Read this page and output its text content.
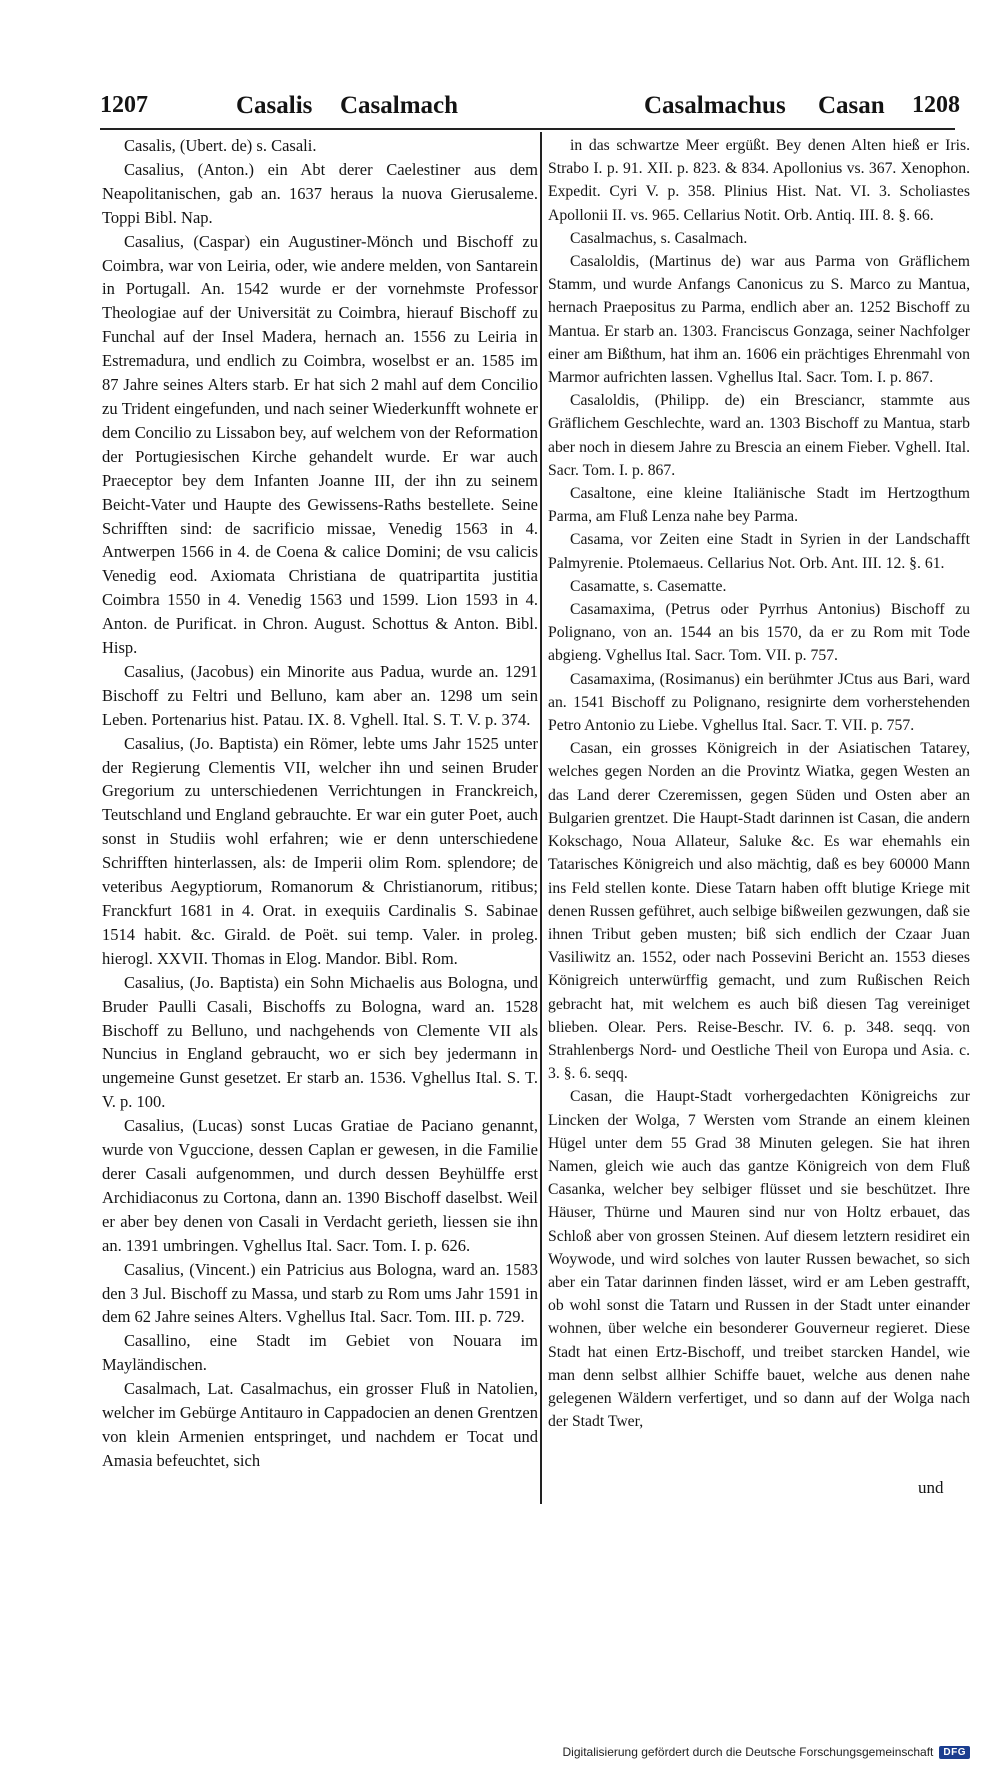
1207	Casalis Casalmach	Casalmachus Casan 1208

Casalis, (Ubert. de) s. Casali.

Casalius, (Anton.) ein Abt derer Caelestiner aus dem Neapolitanischen, gab an. 1637 heraus la nuova Gierusaleme. Toppi Bibl. Nap.

Casalius, (Caspar) ein Augustiner-Mönch und Bischoff zu Coimbra, war von Leiria, oder, wie andere melden, von Santarein in Portugall. An. 1542 wurde er der vornehmste Professor Theologiae auf der Universität zu Coimbra, hierauf Bischoff zu Funchal auf der Insel Madera, hernach an. 1556 zu Leiria in Estremadura, und endlich zu Coimbra, woselbst er an. 1585 im 87 Jahre seines Alters starb. Er hat sich 2 mahl auf dem Concilio zu Trident eingefunden, und nach seiner Wiederkunfft wohnete er dem Concilio zu Lissabon bey, auf welchem von der Reformation der Portugiesischen Kirche gehandelt wurde. Er war auch Praeceptor bey dem Infanten Joanne III, der ihn zu seinem Beicht-Vater und Haupte des Gewissens-Raths bestellete. Seine Schrifften sind: de sacrificio missae, Venedig 1563 in 4. Antwerpen 1566 in 4. de Coena & calice Domini; de vsu calicis Venedig eod. Axiomata Christiana de quatripartita justitia Coimbra 1550 in 4. Venedig 1563 und 1599. Lion 1593 in 4. Anton. de Purificat. in Chron. August. Schottus & Anton. Bibl. Hisp.

Casalius, (Jacobus) ein Minorite aus Padua, wurde an. 1291 Bischoff zu Feltri und Belluno, kam aber an. 1298 um sein Leben. Portenarius hist. Patau. IX. 8. Vghell. Ital. S. T. V. p. 374.

Casalius, (Jo. Baptista) ein Römer, lebte ums Jahr 1525 unter der Regierung Clementis VII, welcher ihn und seinen Bruder Gregorium zu unterschiedenen Verrichtungen in Franckreich, Teutschland und England gebrauchte. Er war ein guter Poet, auch sonst in Studiis wohl erfahren; wie er denn unterschiedene Schrifften hinterlassen, als: de Imperii olim Rom. splendore; de veteribus Aegyptiorum, Romanorum & Christianorum, ritibus; Franckfurt 1681 in 4. Orat. in exequiis Cardinalis S. Sabinae 1514 habit. &c. Girald. de Poët. sui temp. Valer. in proleg. hierogl. XXVII. Thomas in Elog. Mandor. Bibl. Rom.

Casalius, (Jo. Baptista) ein Sohn Michaelis aus Bologna, und Bruder Paulli Casali, Bischoffs zu Bologna, ward an. 1528 Bischoff zu Belluno, und nachgehends von Clemente VII als Nuncius in England gebraucht, wo er sich bey jedermann in ungemeine Gunst gesetzet. Er starb an. 1536. Vghellus Ital. S. T. V. p. 100.

Casalius, (Lucas) sonst Lucas Gratiae de Paciano genannt, wurde von Vguccione, dessen Caplan er gewesen, in die Familie derer Casali aufgenommen, und durch dessen Beyhülffe erst Archidiaconus zu Cortona, dann an. 1390 Bischoff daselbst. Weil er aber bey denen von Casali in Verdacht gerieth, liessen sie ihn an. 1391 umbringen. Vghellus Ital. Sacr. Tom. I. p. 626.

Casalius, (Vincent.) ein Patricius aus Bologna, ward an. 1583 den 3 Jul. Bischoff zu Massa, und starb zu Rom ums Jahr 1591 in dem 62 Jahre seines Alters. Vghellus Ital. Sacr. Tom. III. p. 729.

Casallino, eine Stadt im Gebiet von Nouara im Mayländischen.

Casalmach, Lat. Casalmachus, ein grosser Fluß in Natolien, welcher im Gebürge Antitauro in Cappadocien an denen Grentzen von klein Armenien entspringet, und nachdem er Tocat und Amasia befeuchtet, sich

in das schwartze Meer ergüßt. Bey denen Alten hieß er Iris. Strabo I. p. 91. XII. p. 823. & 834. Apollonius vs. 367. Xenophon. Expedit. Cyri V. p. 358. Plinius Hist. Nat. VI. 3. Scholiastes Apollonii II. vs. 965. Cellarius Notit. Orb. Antiq. III. 8. §. 66.

Casalmachus, s. Casalmach.

Casaloldis, (Martinus de) war aus Parma von Gräflichem Stamm, und wurde Anfangs Canonicus zu S. Marco zu Mantua, hernach Praepositus zu Parma, endlich aber an. 1252 Bischoff zu Mantua. Er starb an. 1303. Franciscus Gonzaga, seiner Nachfolger einer am Bißthum, hat ihm an. 1606 ein prächtiges Ehrenmahl von Marmor aufrichten lassen. Vghellus Ital. Sacr. Tom. I. p. 867.

Casaloldis, (Philipp. de) ein Bresciancr, stammte aus Gräflichem Geschlechte, ward an. 1303 Bischoff zu Mantua, starb aber noch in diesem Jahre zu Brescia an einem Fieber. Vghell. Ital. Sacr. Tom. I. p. 867.

Casaltone, eine kleine Italiänische Stadt im Hertzogthum Parma, am Fluß Lenza nahe bey Parma.

Casama, vor Zeiten eine Stadt in Syrien in der Landschafft Palmyrenie. Ptolemaeus. Cellarius Not. Orb. Ant. III. 12. §. 61.

Casamatte, s. Casematte.

Casamaxima, (Petrus oder Pyrrhus Antonius) Bischoff zu Polignano, von an. 1544 an bis 1570, da er zu Rom mit Tode abgieng. Vghellus Ital. Sacr. Tom. VII. p. 757.

Casamaxima, (Rosimanus) ein berühmter JCtus aus Bari, ward an. 1541 Bischoff zu Polignano, resignirte dem vorherstehenden Petro Antonio zu Liebe. Vghellus Ital. Sacr. T. VII. p. 757.

Casan, ein grosses Königreich in der Asiatischen Tatarey, welches gegen Norden an die Provintz Wiatka, gegen Westen an das Land derer Czeremissen, gegen Süden und Osten aber an Bulgarien grentzet. Die Haupt-Stadt darinnen ist Casan, die andern Kokschago, Noua Allateur, Saluke &c. Es war ehemahls ein Tatarisches Königreich und also mächtig, daß es bey 60000 Mann ins Feld stellen konte. Diese Tatarn haben offt blutige Kriege mit denen Russen geführet, auch selbige bißweilen gezwungen, daß sie ihnen Tribut geben musten; biß sich endlich der Czaar Juan Vasiliwitz an. 1552, oder nach Possevini Bericht an. 1553 dieses Königreich unterwürffig gemacht, und zum Rußischen Reich gebracht hat, mit welchem es auch biß diesen Tag vereiniget blieben. Olear. Pers. Reise-Beschr. IV. 6. p. 348. seqq. von Strahlenbergs Nord- und Oestliche Theil von Europa und Asia. c. 3. §. 6. seqq.

Casan, die Haupt-Stadt vorhergedachten Königreichs zur Lincken der Wolga, 7 Wersten vom Strande an einem kleinen Hügel unter dem 55 Grad 38 Minuten gelegen. Sie hat ihren Namen, gleich wie auch das gantze Königreich von dem Fluß Casanka, welcher bey selbiger flüsset und sie beschützet. Ihre Häuser, Thürne und Mauren sind nur von Holtz erbauet, das Schloß aber von grossen Steinen. Auf diesem letztern residiret ein Woywode, und wird solches von lauter Russen bewachet, so sich aber ein Tatar darinnen finden lässet, wird er am Leben gestrafft, ob wohl sonst die Tatarn und Russen in der Stadt unter einander wohnen, über welche ein besonderer Gouverneur regieret. Diese Stadt hat einen Ertz-Bischoff, und treibet starcken Handel, wie man denn selbst allhier Schiffe bauet, welche aus denen nahe gelegenen Wäldern verfertiget, und so dann auf der Wolga nach der Stadt Twer,

und
Digitalisierung gefördert durch die Deutsche Forschungsgemeinschaft	DFG
